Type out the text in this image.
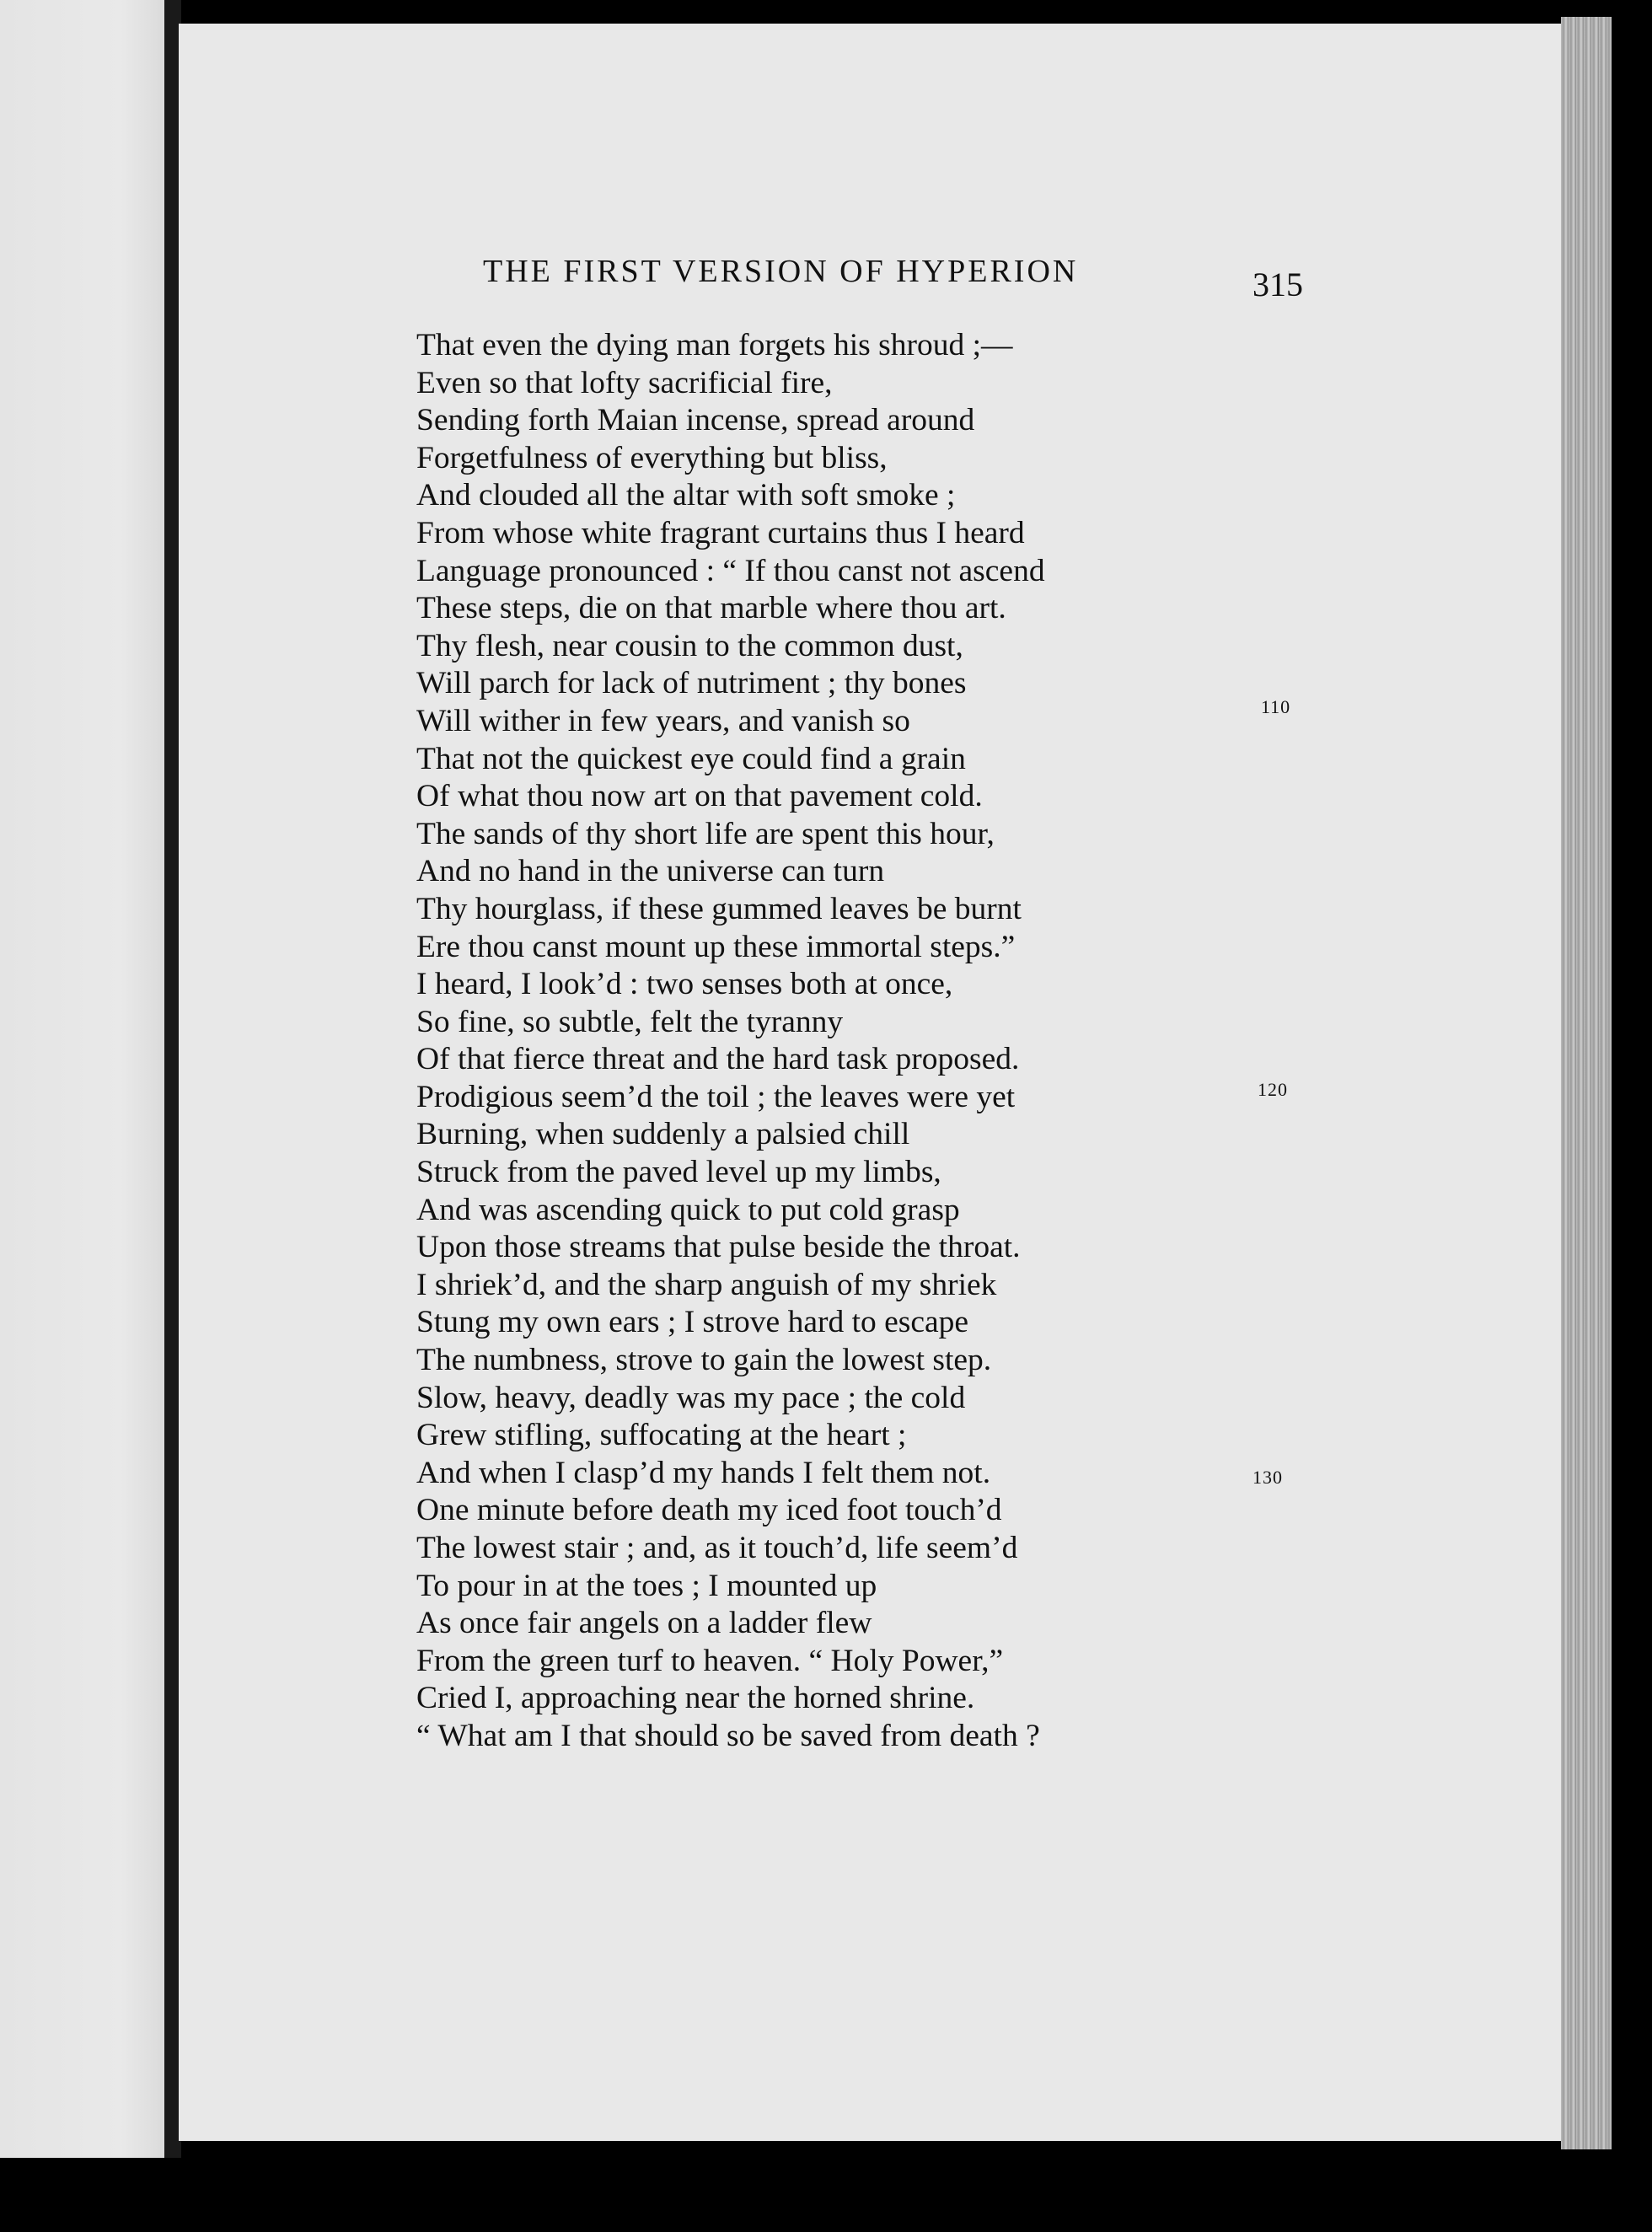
THE FIRST VERSION OF HYPERION	315
That even the dying man forgets his shroud ;—
Even so that lofty sacrificial fire,
Sending forth Maian incense, spread around
Forgetfulness of everything but bliss,
And clouded all the altar with soft smoke ;
From whose white fragrant curtains thus I heard
Language pronounced : “ If thou canst not ascend
These steps, die on that marble where thou art.
Thy flesh, near cousin to the common dust,
Will parch for lack of nutriment ; thy bones
Will wither in few years, and vanish so
That not the quickest eye could find a grain
Of what thou now art on that pavement cold.
The sands of thy short life are spent this hour,
And no hand in the universe can turn
Thy hourglass, if these gummed leaves be burnt
Ere thou canst mount up these immortal steps.”
I heard, I look’d : two senses both at once,
So fine, so subtle, felt the tyranny
Of that fierce threat and the hard task proposed.
Prodigious seem’d the toil ; the leaves were yet
Burning, when suddenly a palsied chill
Struck from the paved level up my limbs,
And was ascending quick to put cold grasp
Upon those streams that pulse beside the throat.
I shriek’d, and the sharp anguish of my shriek
Stung my own ears ; I strove hard to escape
The numbness, strove to gain the lowest step.
Slow, heavy, deadly was my pace ; the cold
Grew stifling, suffocating at the heart ;
And when I clasp’d my hands I felt them not.
One minute before death my iced foot touch’d
The lowest stair ; and, as it touch’d, life seem’d
To pour in at the toes ; I mounted up
As once fair angels on a ladder flew
From the green turf to heaven. “ Holy Power,”
Cried I, approaching near the horned shrine.
“ What am I that should so be saved from death ?
110
120
130
